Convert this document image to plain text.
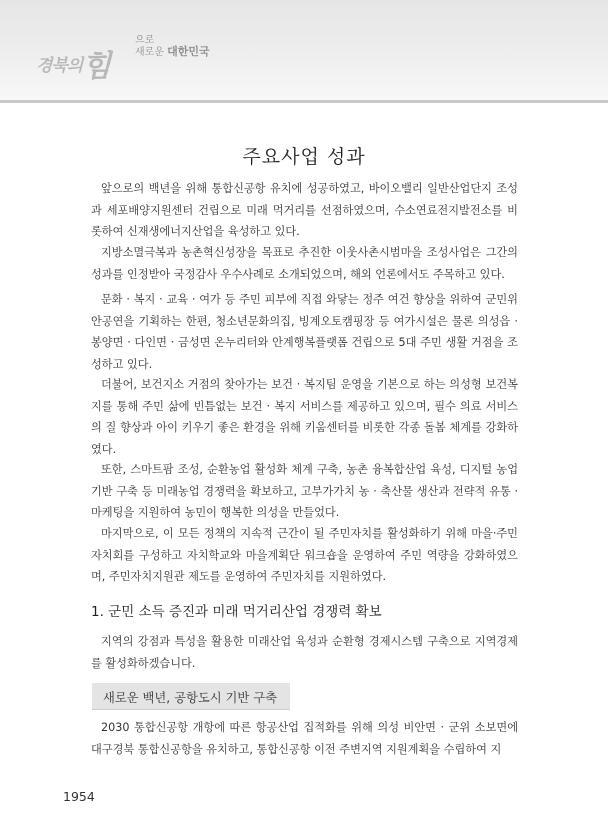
경북의힘
으로
새로운 대한민국
주요사업 성과

앞으로의 백년을 위해 통합신공항 유치에 성공하였고, 바이오밸리 일반산업단지 조성과 세포배양지원센터 건립으로 미래 먹거리를 선점하였으며, 수소연료전지발전소를 비롯하여 신재생에너지산업을 육성하고 있다.

지방소멸극복과 농촌혁신성장을 목표로 추진한 이웃사촌시범마을 조성사업은 그간의 성과를 인정받아 국정감사 우수사례로 소개되었으며, 해외 언론에서도 주목하고 있다.

문화 · 복지 · 교육 · 여가 등 주민 피부에 직접 와닿는 정주 여건 향상을 위하여 군민위안공연을 기획하는 한편, 청소년문화의집, 빙계오토캠핑장 등 여가시설은 물론 의성읍 · 봉양면 · 다인면 · 금성면 온누리터와 안계행복플랫폼 건립으로 5대 주민 생활 거점을 조성하고 있다.

더불어, 보건지소 거점의 찾아가는 보건 · 복지팀 운영을 기본으로 하는 의성형 보건복지를 통해 주민 삶에 빈틈없는 보건 · 복지 서비스를 제공하고 있으며, 필수 의료 서비스의 질 향상과 아이 키우기 좋은 환경을 위해 키움센터를 비롯한 각종 돌봄 체계를 강화하였다.

또한, 스마트팜 조성, 순환농업 활성화 체계 구축, 농촌 융복합산업 육성, 디지털 농업 기반 구축 등 미래농업 경쟁력을 확보하고, 고부가가치 농 · 축산물 생산과 전략적 유통 · 마케팅을 지원하여 농민이 행복한 의성을 만들었다.

마지막으로, 이 모든 정책의 지속적 근간이 될 주민자치를 활성화하기 위해 마을·주민자치회를 구성하고 자치학교와 마을계획단 워크숍을 운영하여 주민 역량을 강화하였으며, 주민자치지원관 제도를 운영하여 주민자치를 지원하였다.

1. 군민 소득 증진과 미래 먹거리산업 경쟁력 확보

지역의 강점과 특성을 활용한 미래산업 육성과 순환형 경제시스템 구축으로 지역경제를 활성화하겠습니다.

새로운 백년, 공항도시 기반 구축

2030 통합신공항 개항에 따른 항공산업 집적화를 위해 의성 비안면 · 군위 소보면에 대구경북 통합신공항을 유치하고, 통합신공항 이전 주변지역 지원계획을 수립하여 지

1954
